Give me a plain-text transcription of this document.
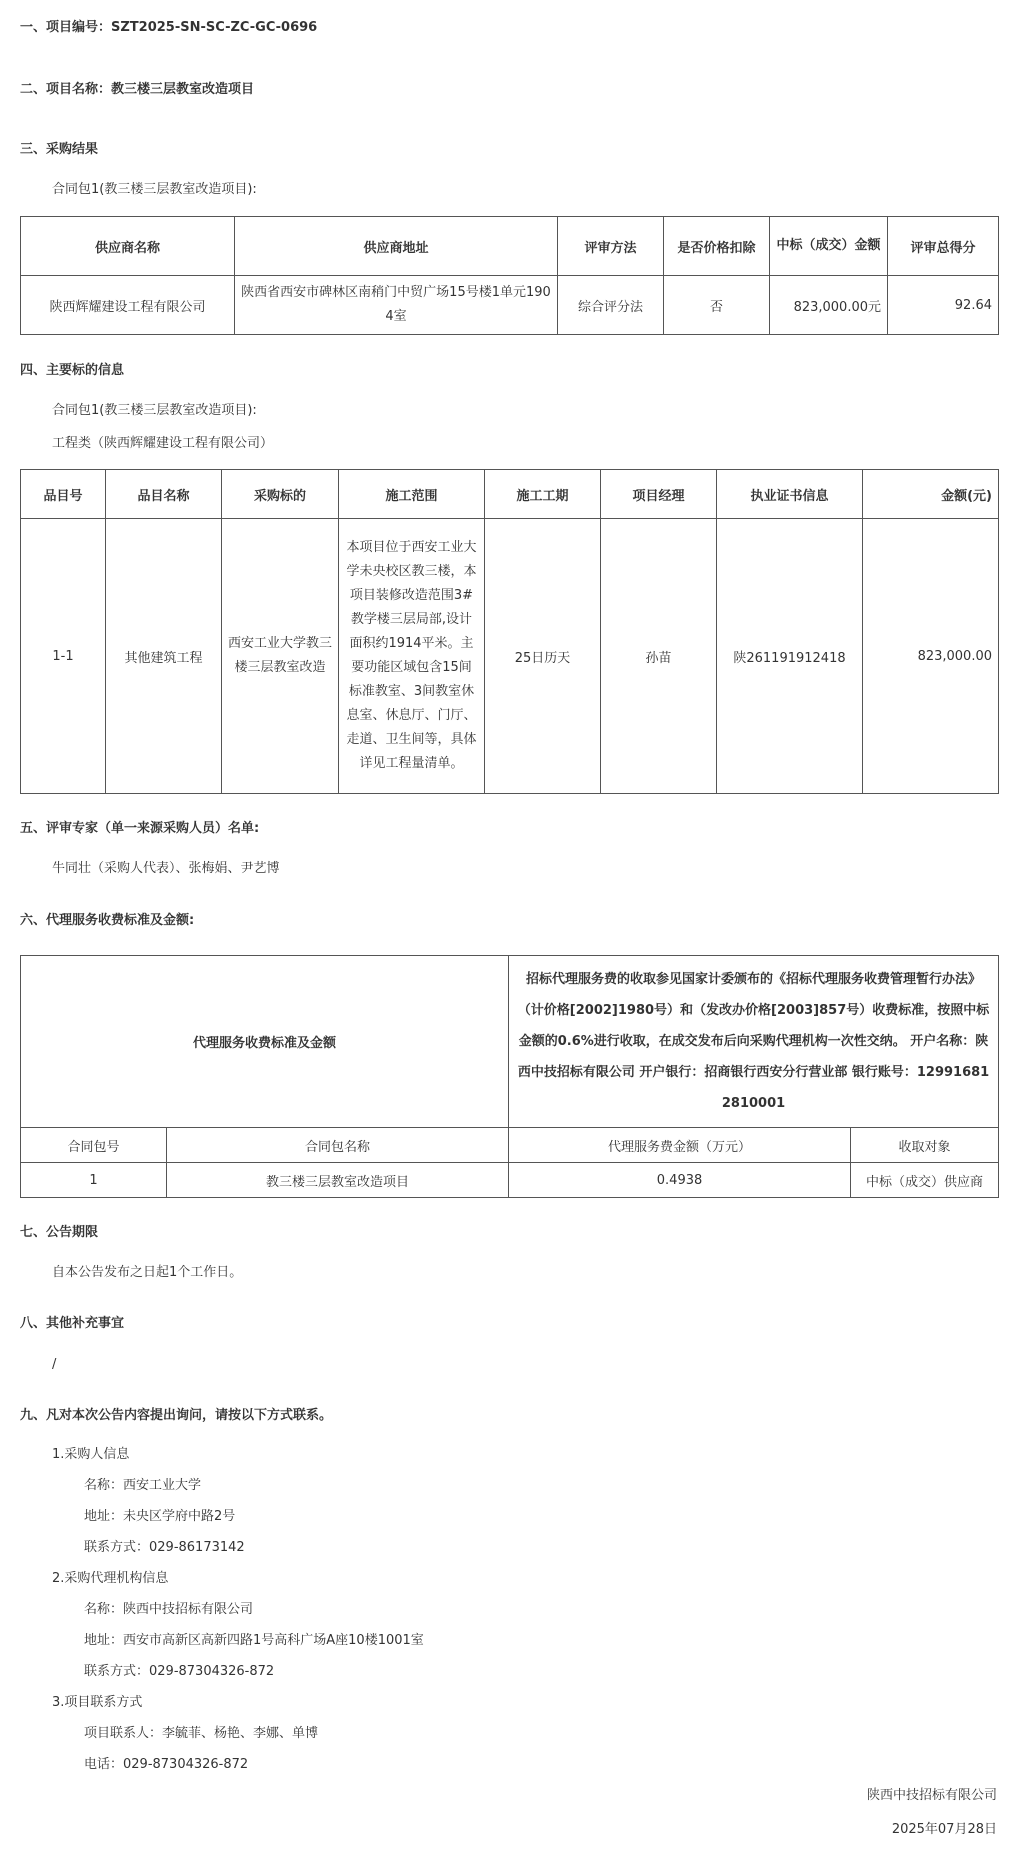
一、项目编号：SZT2025-SN-SC-ZC-GC-0696
二、项目名称：教三楼三层教室改造项目
三、采购结果
合同包1(教三楼三层教室改造项目):
供应商名称	供应商地址	评审方法	是否价格扣除	中标（成交）金额	评审总得分
陕西辉耀建设工程有限公司	陕西省西安市碑林区南稍门中贸广场15号楼1单元1904室	综合评分法	否	823,000.00元	92.64
四、主要标的信息
合同包1(教三楼三层教室改造项目):
工程类（陕西辉耀建设工程有限公司）
品目号	品目名称	采购标的	施工范围	施工工期	项目经理	执业证书信息	金额(元)
1-1	其他建筑工程	西安工业大学教三楼三层教室改造	本项目位于西安工业大学未央校区教三楼，本项目装修改造范围3#教学楼三层局部,设计面积约1914平米。主要功能区域包含15间标准教室、3间教室休息室、休息厅、门厅、走道、卫生间等，具体详见工程量清单。	25日历天	孙苗	陕261191912418	823,000.00
五、评审专家（单一来源采购人员）名单:
牛同壮（采购人代表）、张梅娟、尹艺博
六、代理服务收费标准及金额:
代理服务收费标准及金额		招标代理服务费的收取参见国家计委颁布的《招标代理服务收费管理暂行办法》（计价格[2002]1980号）和（发改办价格[2003]857号）收费标准，按照中标金额的0.6%进行收取，在成交发布后向采购代理机构一次性交纳。 开户名称：陕西中技招标有限公司 开户银行：招商银行西安分行营业部 银行账号：129916812810001	
合同包号	合同包名称	代理服务费金额（万元）	收取对象
1	教三楼三层教室改造项目	0.4938	中标（成交）供应商
七、公告期限
自本公告发布之日起1个工作日。
八、其他补充事宜
/
九、凡对本次公告内容提出询问，请按以下方式联系。
1.采购人信息
名称：西安工业大学
地址：未央区学府中路2号
联系方式：029-86173142
2.采购代理机构信息
名称：陕西中技招标有限公司
地址：西安市高新区高新四路1号高科广场A座10楼1001室
联系方式：029-87304326-872
3.项目联系方式
项目联系人：李毓菲、杨艳、李娜、单博
电话：029-87304326-872
陕西中技招标有限公司
2025年07月28日
